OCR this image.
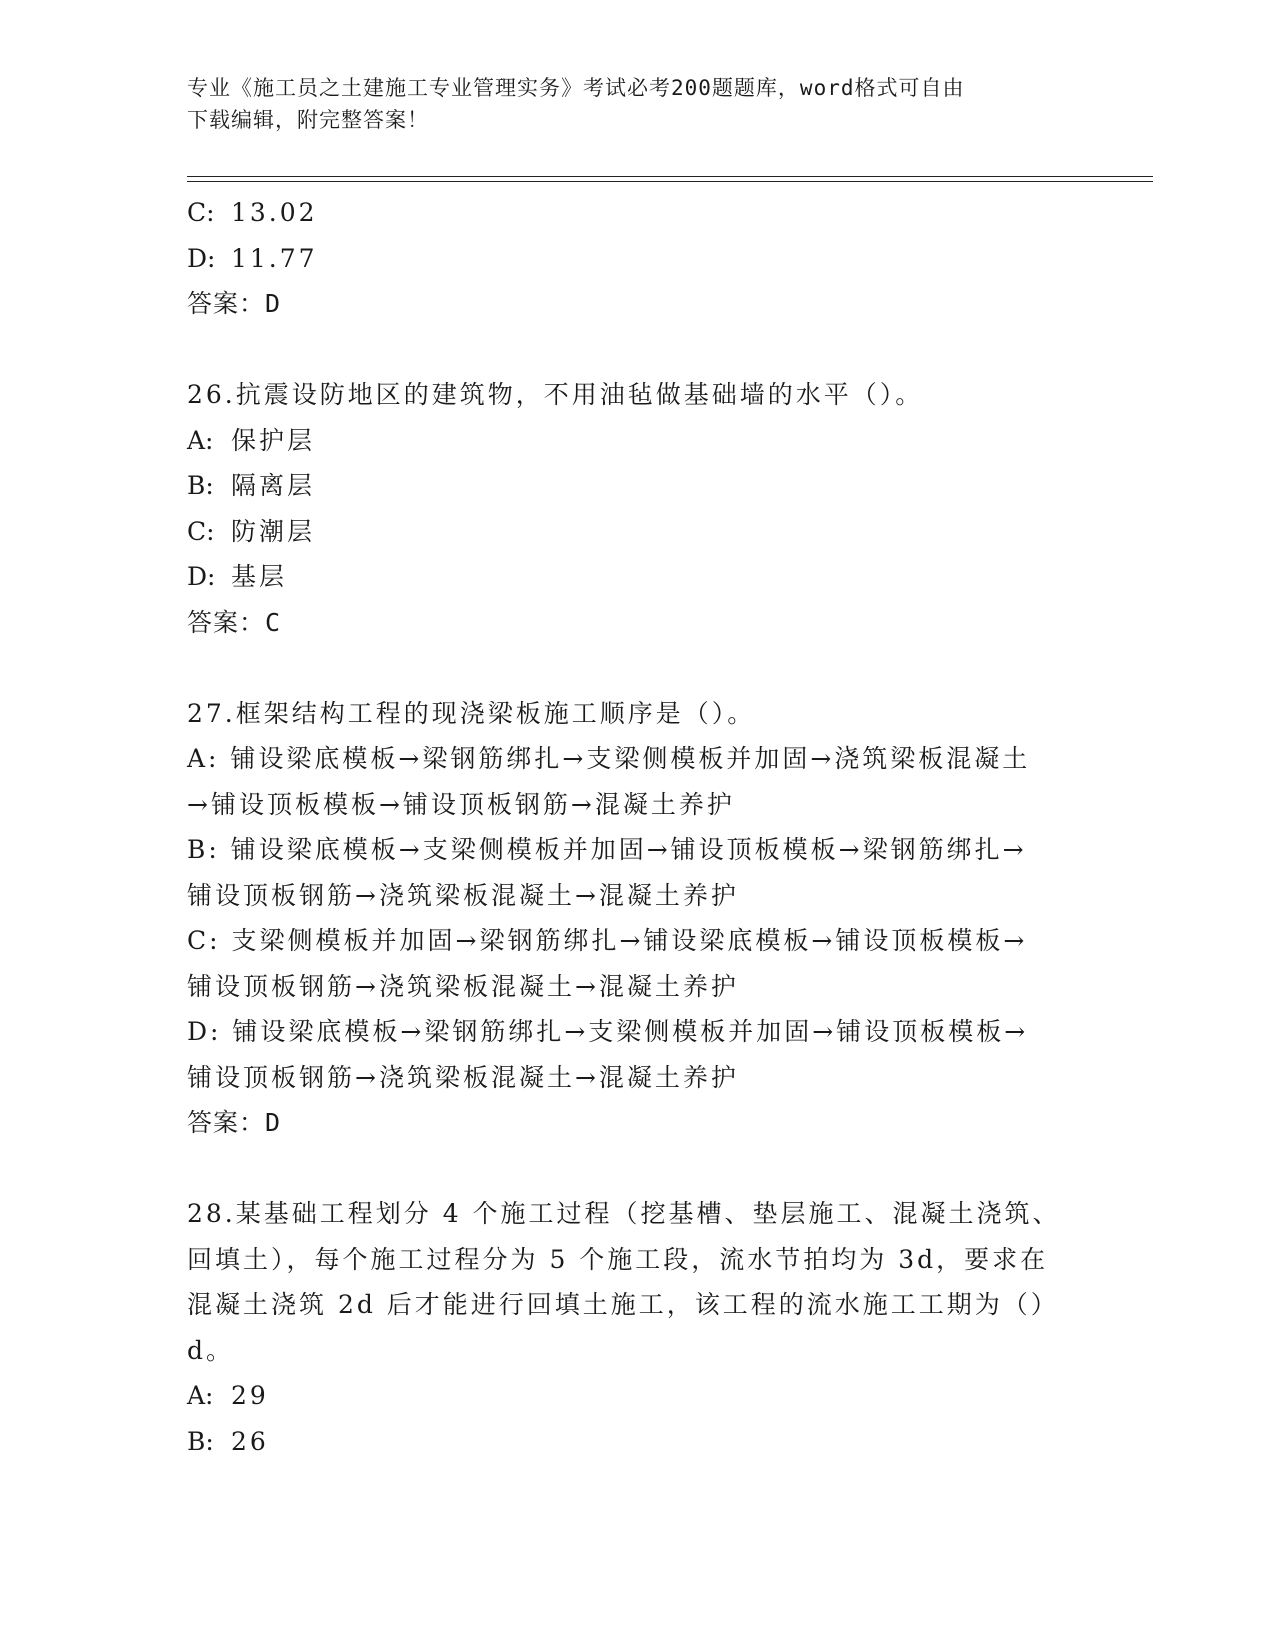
专业《施工员之土建施工专业管理实务》考试必考200题题库，word格式可自由
下载编辑，附完整答案！
C: 13.02
D: 11.77
答案：D
26.抗震设防地区的建筑物，不用油毡做基础墙的水平（）。
A: 保护层
B: 隔离层
C: 防潮层
D: 基层
答案：C
27.框架结构工程的现浇梁板施工顺序是（）。
A: 铺设梁底模板→梁钢筋绑扎→支梁侧模板并加固→浇筑梁板混凝土
→铺设顶板模板→铺设顶板钢筋→混凝土养护
B: 铺设梁底模板→支梁侧模板并加固→铺设顶板模板→梁钢筋绑扎→
铺设顶板钢筋→浇筑梁板混凝土→混凝土养护
C: 支梁侧模板并加固→梁钢筋绑扎→铺设梁底模板→铺设顶板模板→
铺设顶板钢筋→浇筑梁板混凝土→混凝土养护
D: 铺设梁底模板→梁钢筋绑扎→支梁侧模板并加固→铺设顶板模板→
铺设顶板钢筋→浇筑梁板混凝土→混凝土养护
答案：D
28.某基础工程划分 4 个施工过程（挖基槽、垫层施工、混凝土浇筑、
回填土），每个施工过程分为 5 个施工段，流水节拍均为 3d，要求在
混凝土浇筑 2d 后才能进行回填土施工，该工程的流水施工工期为（）
d。
A: 29
B: 26
